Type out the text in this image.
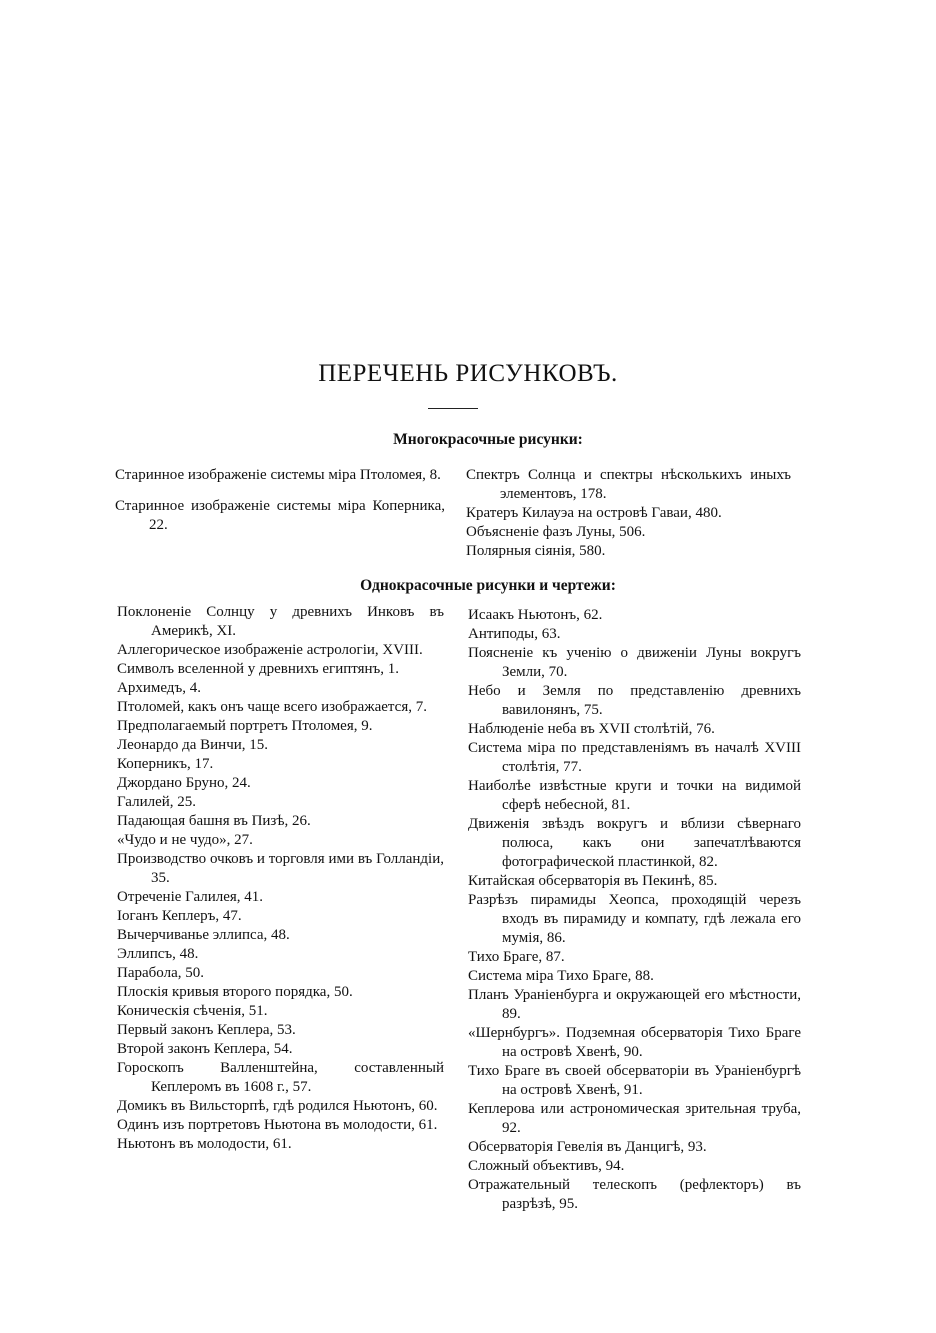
ПЕРЕЧЕНЬ РИСУНКОВЪ.
Многокрасочные рисунки:
Старинное изображеніе системы міра Птоломея, 8.
Старинное изображеніе системы міра Коперника, 22.
Спектръ Солнца и спектры нѣсколькихъ иныхъ элементовъ, 178.
Кратеръ Килауэа на островѣ Гаваи, 480.
Объясненіе фазъ Луны, 506.
Полярныя сіянія, 580.
Однокрасочные рисунки и чертежи:
Поклоненіе Солнцу у древнихъ Инковъ въ Америкѣ, XI.
Аллегорическое изображеніе астрологіи, XVIII.
Символъ вселенной у древнихъ египтянъ, 1.
Архимедъ, 4.
Птоломей, какъ онъ чаще всего изображается, 7.
Предполагаемый портретъ Птоломея, 9.
Леонардо да Винчи, 15.
Коперникъ, 17.
Джордано Бруно, 24.
Галилей, 25.
Падающая башня въ Пизѣ, 26.
«Чудо и не чудо», 27.
Производство очковъ и торговля ими въ Голландіи, 35.
Отреченіе Галилея, 41.
Іоганъ Кеплеръ, 47.
Вычерчиванье эллипса, 48.
Эллипсъ, 48.
Парабола, 50.
Плоскія кривыя второго порядка, 50.
Коническія сѣченія, 51.
Первый законъ Кеплера, 53.
Второй законъ Кеплера, 54.
Гороскопъ Валленштейна, составленный Кеплеромъ въ 1608 г., 57.
Домикъ въ Вильсторпѣ, гдѣ родился Ньютонъ, 60.
Одинъ изъ портретовъ Ньютона въ молодости, 61.
Ньютонъ въ молодости, 61.
Исаакъ Ньютонъ, 62.
Антиподы, 63.
Поясненіе къ ученію о движеніи Луны вокругъ Земли, 70.
Небо и Земля по представленію древнихъ вавилонянъ, 75.
Наблюденіе неба въ XVII столѣтій, 76.
Система міра по представленіямъ въ началѣ XVIII столѣтія, 77.
Наиболѣе извѣстные круги и точки на видимой сферѣ небесной, 81.
Движенія звѣздъ вокругъ и вблизи сѣвернаго полюса, какъ они запечатлѣваются фотографической пластинкой, 82.
Китайская обсерваторія въ Пекинѣ, 85.
Разрѣзъ пирамиды Хеопса, проходящій черезъ входъ въ пирамиду и компату, гдѣ лежала его мумія, 86.
Тихо Браге, 87.
Система міра Тихо Браге, 88.
Планъ Ураніенбурга и окружающей его мѣстности, 89.
«Шернбургъ». Подземная обсерваторія Тихо Браге на островѣ Хвенѣ, 90.
Тихо Браге въ своей обсерваторіи въ Ураніенбургѣ на островѣ Хвенѣ, 91.
Кеплерова или астрономическая зрительная труба, 92.
Обсерваторія Гевелія въ Данцигѣ, 93.
Сложный объективъ, 94.
Отражательный телескопъ (рефлекторъ) въ разрѣзѣ, 95.
